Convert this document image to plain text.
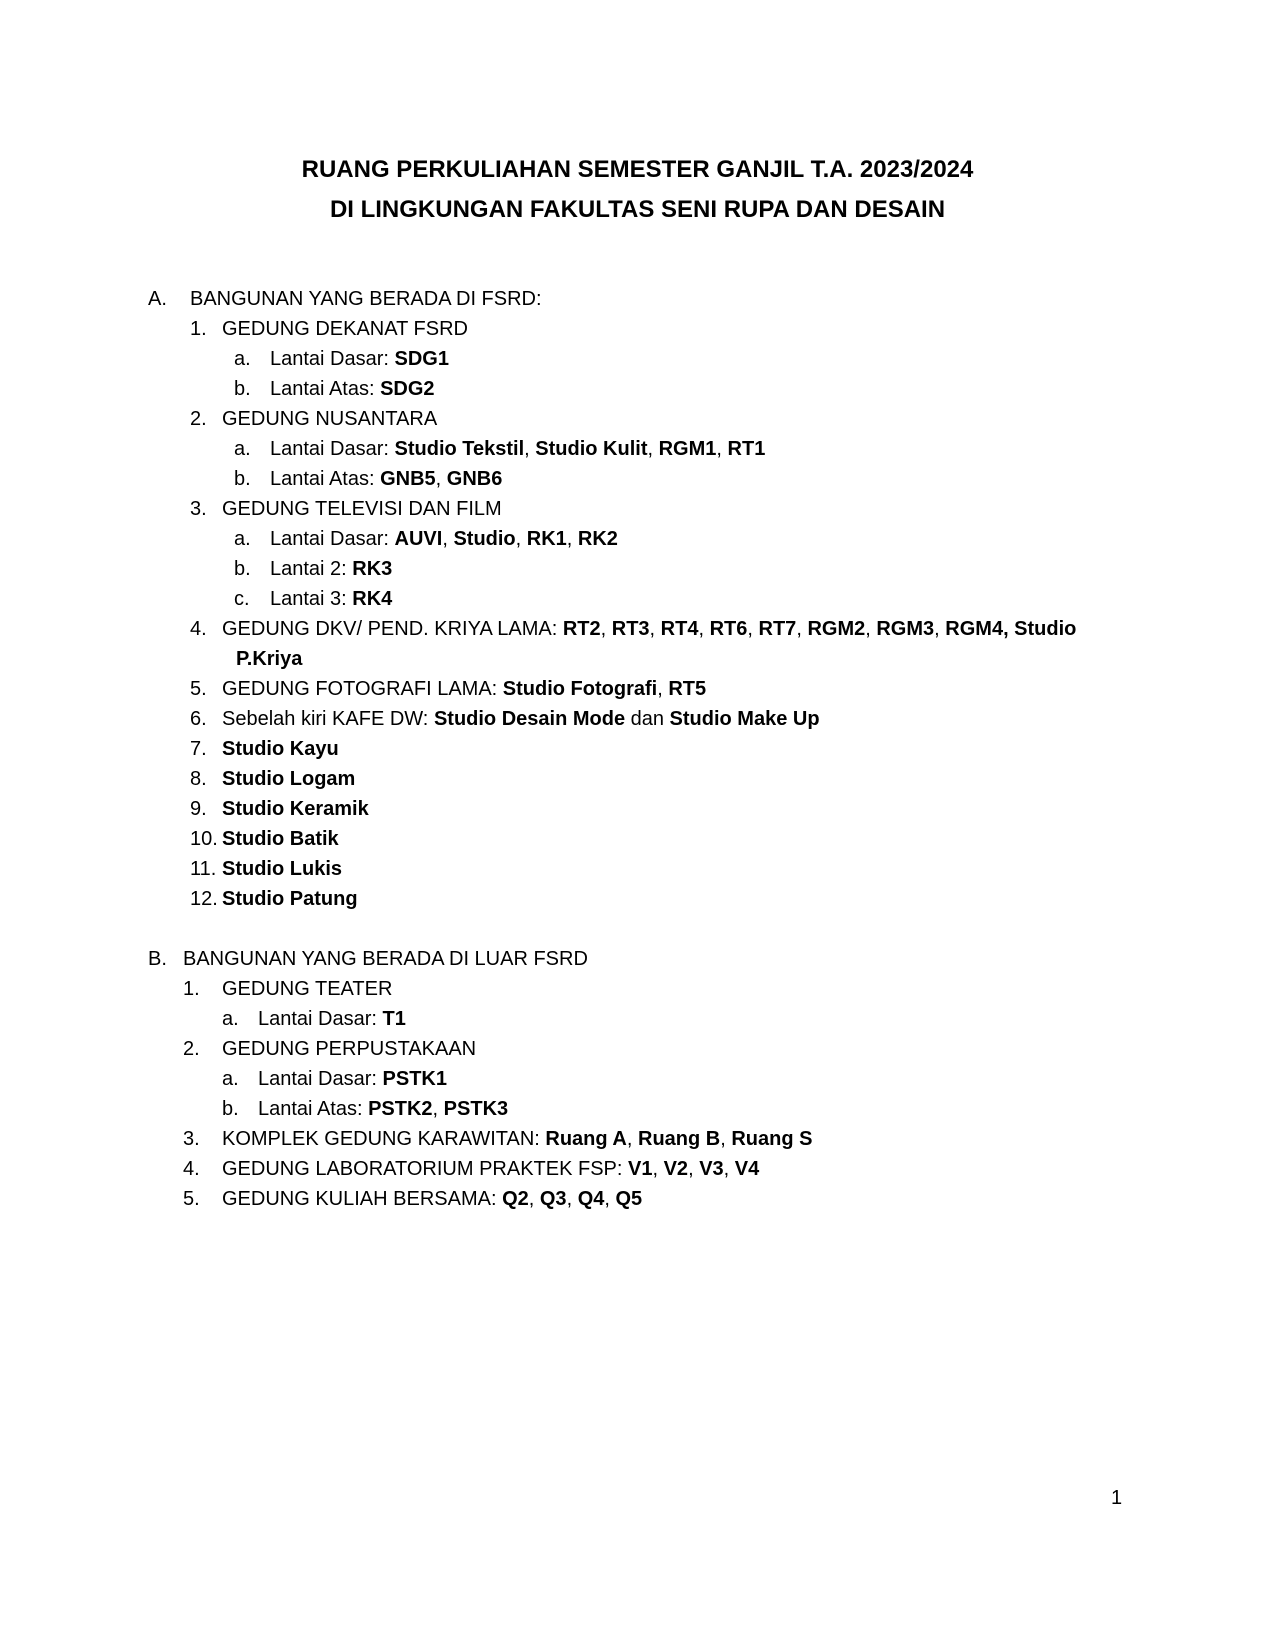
RUANG PERKULIAHAN SEMESTER GANJIL T.A. 2023/2024
DI LINGKUNGAN FAKULTAS SENI RUPA DAN DESAIN
A. BANGUNAN YANG BERADA DI FSRD:
1. GEDUNG DEKANAT FSRD
a. Lantai Dasar: SDG1
b. Lantai Atas: SDG2
2. GEDUNG NUSANTARA
a. Lantai Dasar: Studio Tekstil, Studio Kulit, RGM1, RT1
b. Lantai Atas: GNB5, GNB6
3. GEDUNG TELEVISI DAN FILM
a. Lantai Dasar: AUVI, Studio, RK1, RK2
b. Lantai 2: RK3
c. Lantai 3: RK4
4. GEDUNG DKV/ PEND. KRIYA LAMA: RT2, RT3, RT4, RT6, RT7, RGM2, RGM3, RGM4, Studio
P.Kriya
5. GEDUNG FOTOGRAFI LAMA: Studio Fotografi, RT5
6. Sebelah kiri KAFE DW: Studio Desain Mode dan Studio Make Up
7. Studio Kayu
8. Studio Logam
9. Studio Keramik
10. Studio Batik
11. Studio Lukis
12. Studio Patung
B. BANGUNAN YANG BERADA DI LUAR FSRD
1. GEDUNG TEATER
a. Lantai Dasar: T1
2. GEDUNG PERPUSTAKAAN
a. Lantai Dasar: PSTK1
b. Lantai Atas: PSTK2, PSTK3
3. KOMPLEK GEDUNG KARAWITAN: Ruang A, Ruang B, Ruang S
4. GEDUNG LABORATORIUM PRAKTEK FSP: V1, V2, V3, V4
5. GEDUNG KULIAH BERSAMA: Q2, Q3, Q4, Q5
1
